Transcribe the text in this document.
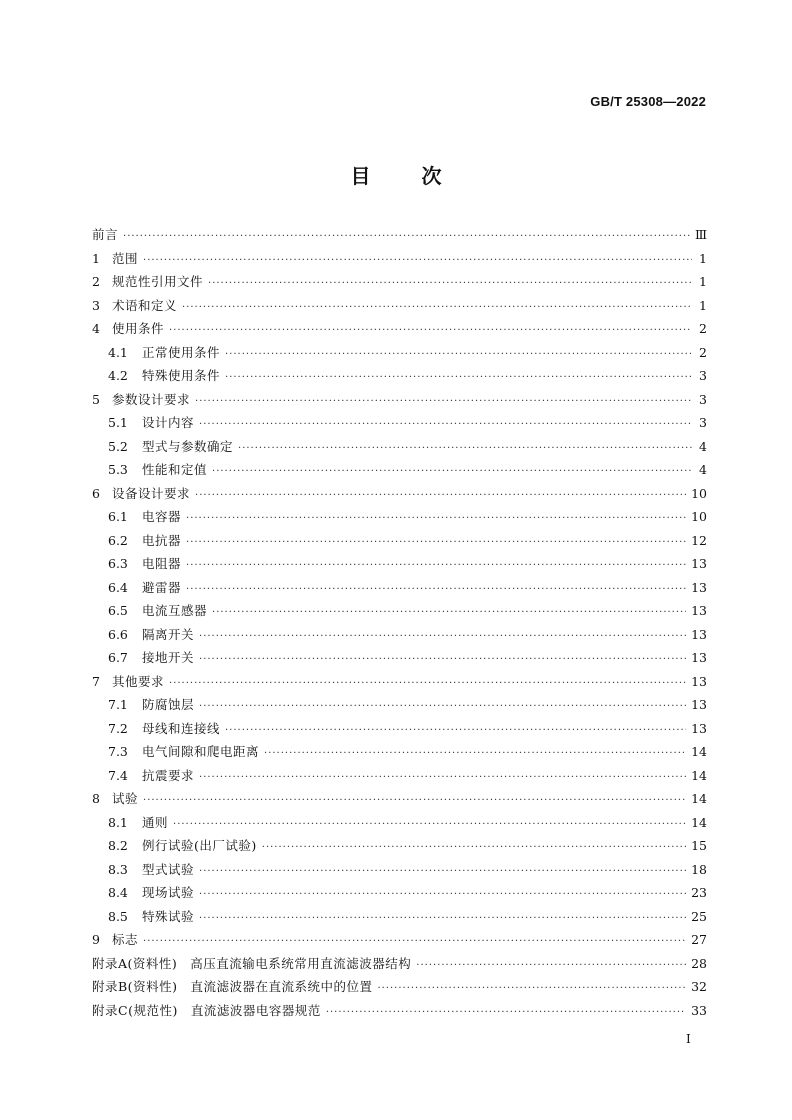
GB/T 25308—2022
目	次
前言 ·····	Ⅲ
1 范围 ·····	1
2 规范性引用文件 ·····	1
3 术语和定义 ·····	1
4 使用条件 ·····	2
4.1	正常使用条件 ·····	2
4.2	特殊使用条件 ·····	3
5 参数设计要求 ·····	3
5.1	设计内容 ·····	3
5.2	型式与参数确定 ·····	4
5.3	性能和定值 ·····	4
6 设备设计要求 ·····	10
6.1	电容器 ·····	10
6.2	电抗器 ·····	12
6.3	电阻器 ·····	13
6.4	避雷器 ·····	13
6.5	电流互感器 ·····	13
6.6	隔离开关 ·····	13
6.7	接地开关 ·····	13
7 其他要求 ·····	13
7.1	防腐蚀层 ·····	13
7.2	母线和连接线 ·····	13
7.3	电气间隙和爬电距离 ·····	14
7.4	抗震要求 ·····	14
8 试验 ·····	14
8.1	通则 ·····	14
8.2	例行试验(出厂试验) ·····	15
8.3	型式试验 ·····	18
8.4	现场试验 ·····	23
8.5	特殊试验 ·····	25
9 标志 ·····	27
附录A(资料性)　高压直流输电系统常用直流滤波器结构 ·····	28
附录B(资料性)　直流滤波器在直流系统中的位置 ·····	32
附录C(规范性)　直流滤波器电容器规范 ·····	33
Ⅰ
